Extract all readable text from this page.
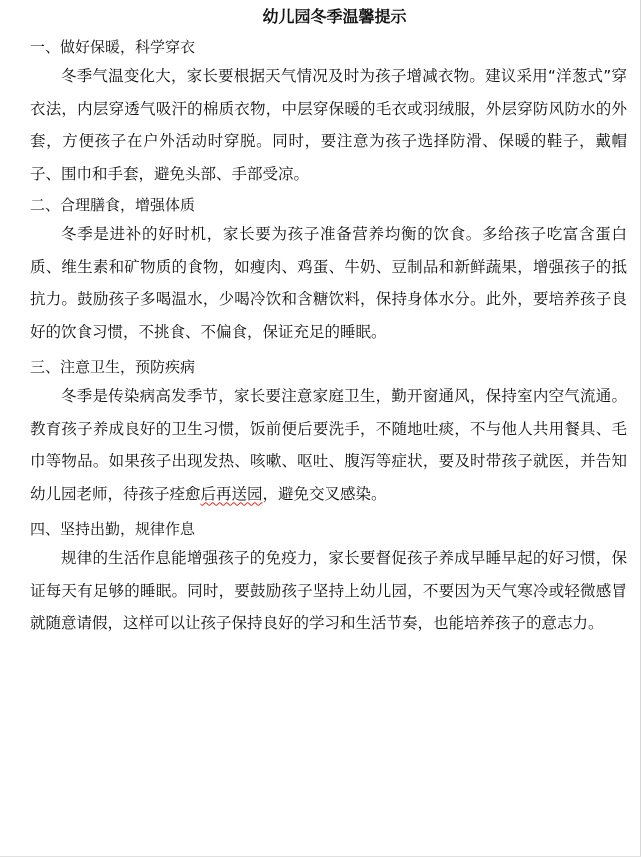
幼儿园冬季温馨提示
一、做好保暖，科学穿衣

冬季气温变化大，家长要根据天气情况及时为孩子增减衣物。建议采用“洋葱式”穿衣法，内层穿透气吸汗的棉质衣物，中层穿保暖的毛衣或羽绒服，外层穿防风防水的外套，方便孩子在户外活动时穿脱。同时，要注意为孩子选择防滑、保暖的鞋子，戴帽子、围巾和手套，避免头部、手部受凉。

二、合理膳食，增强体质

冬季是进补的好时机，家长要为孩子准备营养均衡的饮食。多给孩子吃富含蛋白质、维生素和矿物质的食物，如瘦肉、鸡蛋、牛奶、豆制品和新鲜蔬果，增强孩子的抵抗力。鼓励孩子多喝温水，少喝冷饮和含糖饮料，保持身体水分。此外，要培养孩子良好的饮食习惯，不挑食、不偏食，保证充足的睡眠。

三、注意卫生，预防疾病

冬季是传染病高发季节，家长要注意家庭卫生，勤开窗通风，保持室内空气流通。教育孩子养成良好的卫生习惯，饭前便后要洗手，不随地吐痰，不与他人共用餐具、毛巾等物品。如果孩子出现发热、咳嗽、呕吐、腹泻等症状，要及时带孩子就医，并告知幼儿园老师，待孩子痊愈后再送园，避免交叉感染。

四、坚持出勤，规律作息

规律的生活作息能增强孩子的免疫力，家长要督促孩子养成早睡早起的好习惯，保证每天有足够的睡眠。同时，要鼓励孩子坚持上幼儿园，不要因为天气寒冷或轻微感冒就随意请假，这样可以让孩子保持良好的学习和生活节奏，也能培养孩子的意志力。
